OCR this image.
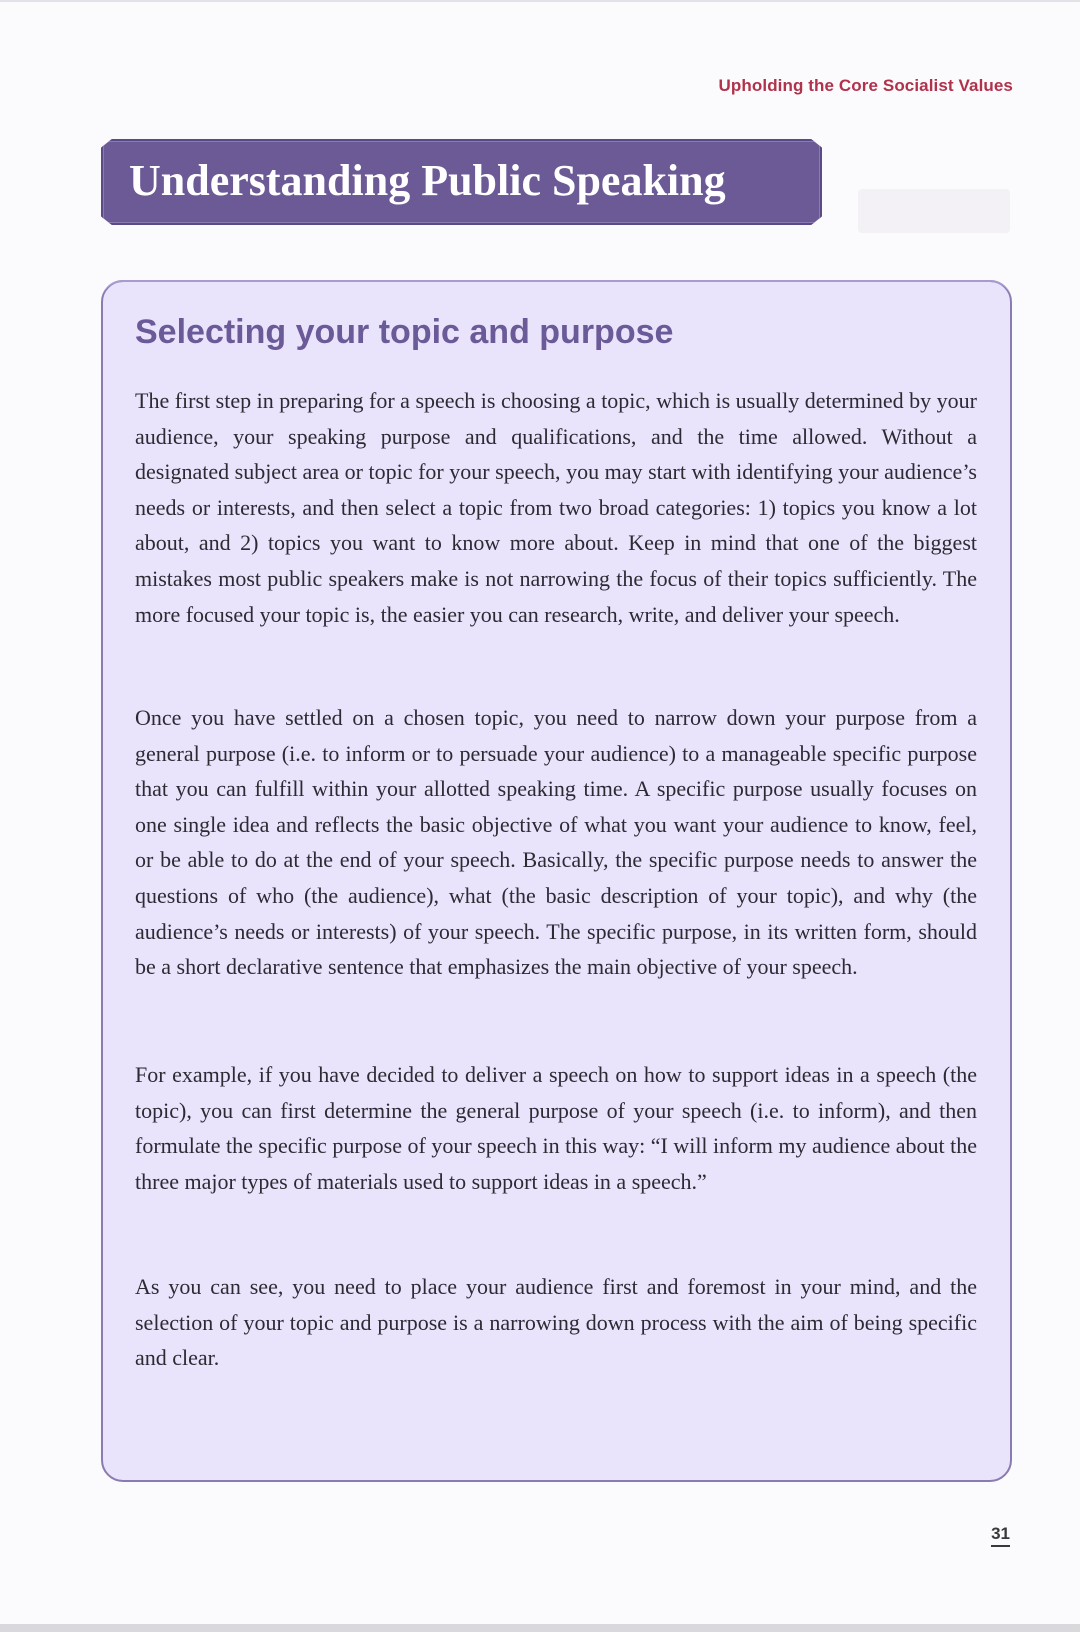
Upholding the Core Socialist Values
Understanding Public Speaking
Selecting your topic and purpose

The first step in preparing for a speech is choosing a topic, which is usually determined by your audience, your speaking purpose and qualifications, and the time allowed. Without a designated subject area or topic for your speech, you may start with identifying your audience’s needs or interests, and then select a topic from two broad categories: 1) topics you know a lot about, and 2) topics you want to know more about. Keep in mind that one of the biggest mistakes most public speakers make is not narrowing the focus of their topics sufficiently. The more focused your topic is, the easier you can research, write, and deliver your speech.

Once you have settled on a chosen topic, you need to narrow down your purpose from a general purpose (i.e. to inform or to persuade your audience) to a manageable specific purpose that you can fulfill within your allotted speaking time. A specific purpose usually focuses on one single idea and reflects the basic objective of what you want your audience to know, feel, or be able to do at the end of your speech. Basically, the specific purpose needs to answer the questions of who (the audience), what (the basic description of your topic), and why (the audience’s needs or interests) of your speech. The specific purpose, in its written form, should be a short declarative sentence that emphasizes the main objective of your speech.

For example, if you have decided to deliver a speech on how to support ideas in a speech (the topic), you can first determine the general purpose of your speech (i.e. to inform), and then formulate the specific purpose of your speech in this way: “I will inform my audience about the three major types of materials used to support ideas in a speech.”

As you can see, you need to place your audience first and foremost in your mind, and the selection of your topic and purpose is a narrowing down process with the aim of being specific and clear.

31
